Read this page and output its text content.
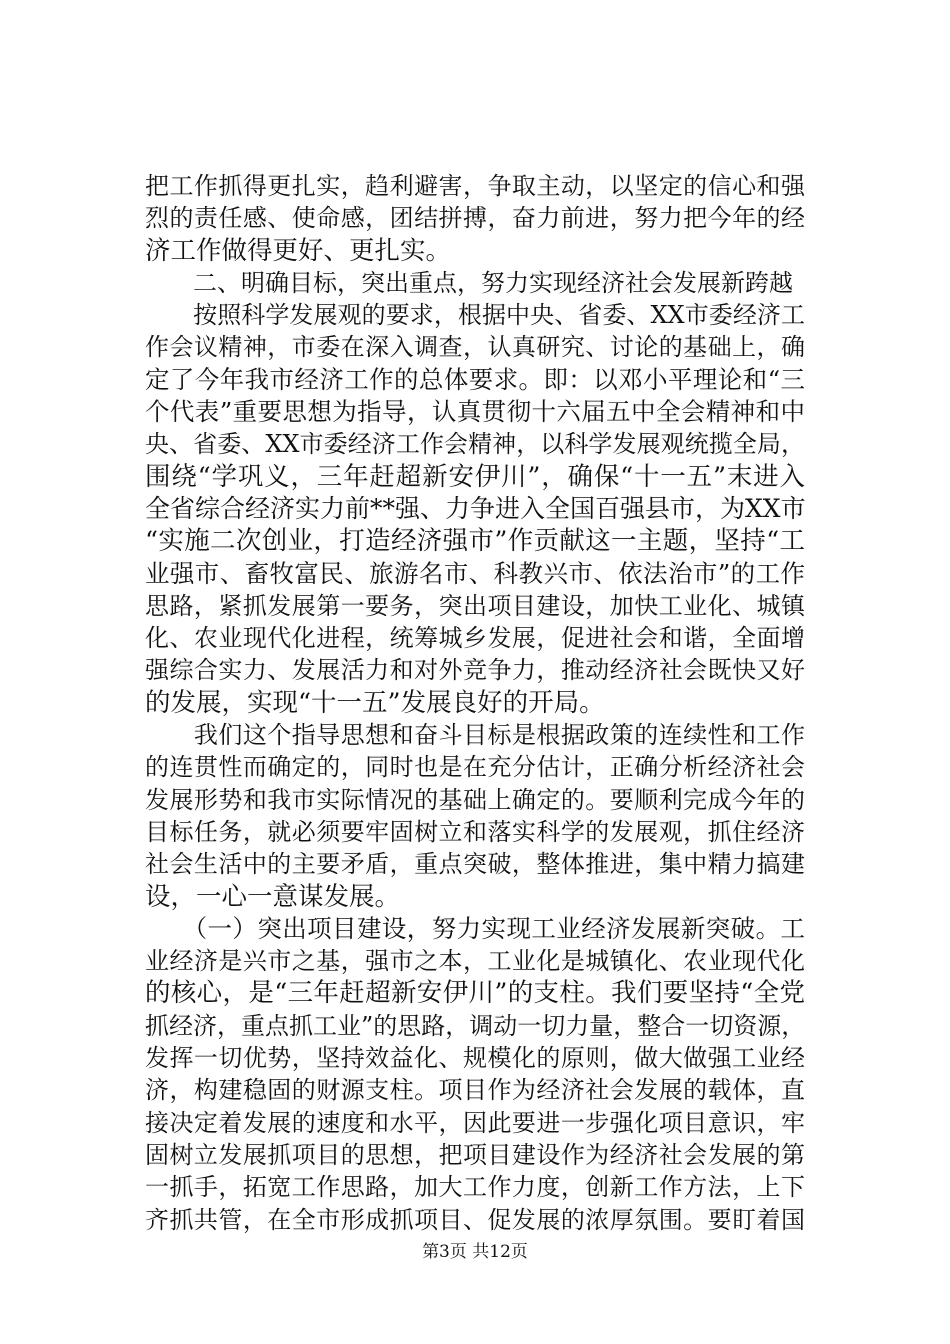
把工作抓得更扎实，趋利避害，争取主动，以坚定的信心和强
烈的责任感、使命感，团结拼搏，奋力前进，努力把今年的经
济工作做得更好、更扎实。
　　二、明确目标，突出重点，努力实现经济社会发展新跨越
　　按照科学发展观的要求，根据中央、省委、XX市委经济工
作会议精神，市委在深入调查，认真研究、讨论的基础上，确
定了今年我市经济工作的总体要求。即：以邓小平理论和“三
个代表”重要思想为指导，认真贯彻十六届五中全会精神和中
央、省委、XX市委经济工作会精神，以科学发展观统揽全局，
围绕“学巩义，三年赶超新安伊川”，确保“十一五”末进入
全省综合经济实力前**强、力争进入全国百强县市，为XX市
“实施二次创业，打造经济强市”作贡献这一主题，坚持“工
业强市、畜牧富民、旅游名市、科教兴市、依法治市”的工作
思路，紧抓发展第一要务，突出项目建设，加快工业化、城镇
化、农业现代化进程，统筹城乡发展，促进社会和谐，全面增
强综合实力、发展活力和对外竞争力，推动经济社会既快又好
的发展，实现“十一五”发展良好的开局。
　　我们这个指导思想和奋斗目标是根据政策的连续性和工作
的连贯性而确定的，同时也是在充分估计，正确分析经济社会
发展形势和我市实际情况的基础上确定的。要顺利完成今年的
目标任务，就必须要牢固树立和落实科学的发展观，抓住经济
社会生活中的主要矛盾，重点突破，整体推进，集中精力搞建
设，一心一意谋发展。
　　（一）突出项目建设，努力实现工业经济发展新突破。工
业经济是兴市之基，强市之本，工业化是城镇化、农业现代化
的核心，是“三年赶超新安伊川”的支柱。我们要坚持“全党
抓经济，重点抓工业”的思路，调动一切力量，整合一切资源，
发挥一切优势，坚持效益化、规模化的原则，做大做强工业经
济，构建稳固的财源支柱。项目作为经济社会发展的载体，直
接决定着发展的速度和水平，因此要进一步强化项目意识，牢
固树立发展抓项目的思想，把项目建设作为经济社会发展的第
一抓手，拓宽工作思路，加大工作力度，创新工作方法，上下
齐抓共管，在全市形成抓项目、促发展的浓厚氛围。要盯着国
第3页 共12页
